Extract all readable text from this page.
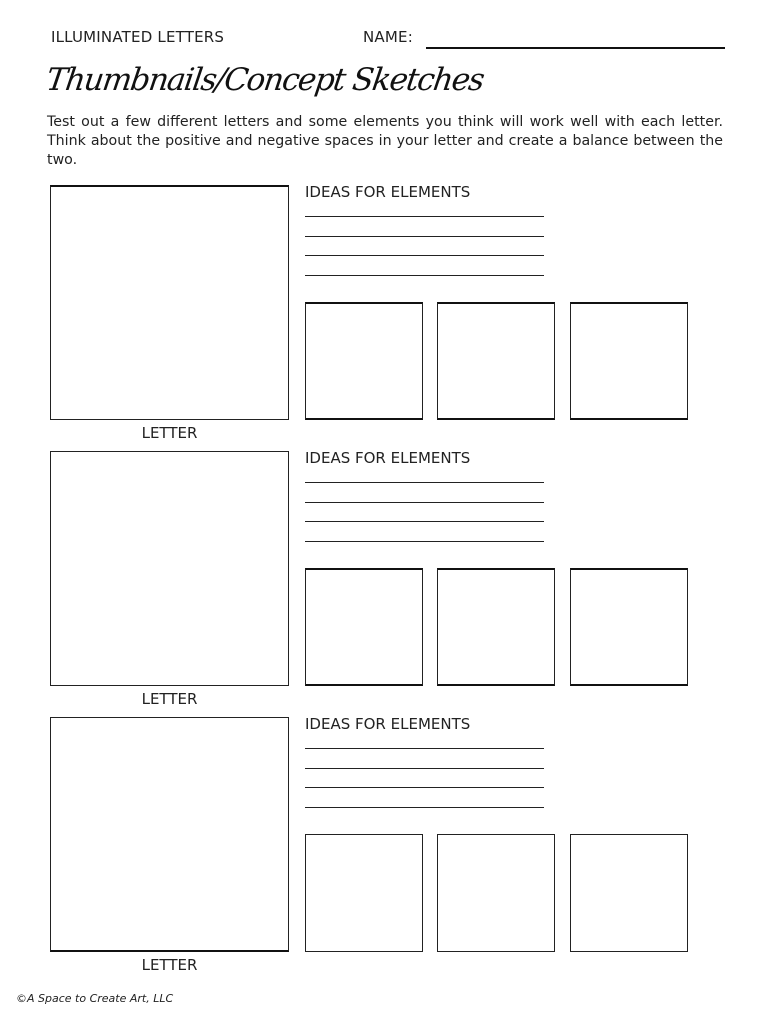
ILLUMINATED LETTERS	NAME:
Thumbnails/Concept Sketches
Test out a few different letters and some elements you think will work well with each letter. Think about the positive and negative spaces in your letter and create a balance between the two.
LETTER
IDEAS FOR ELEMENTS
LETTER
IDEAS FOR ELEMENTS
LETTER
IDEAS FOR ELEMENTS
©A Space to Create Art, LLC
